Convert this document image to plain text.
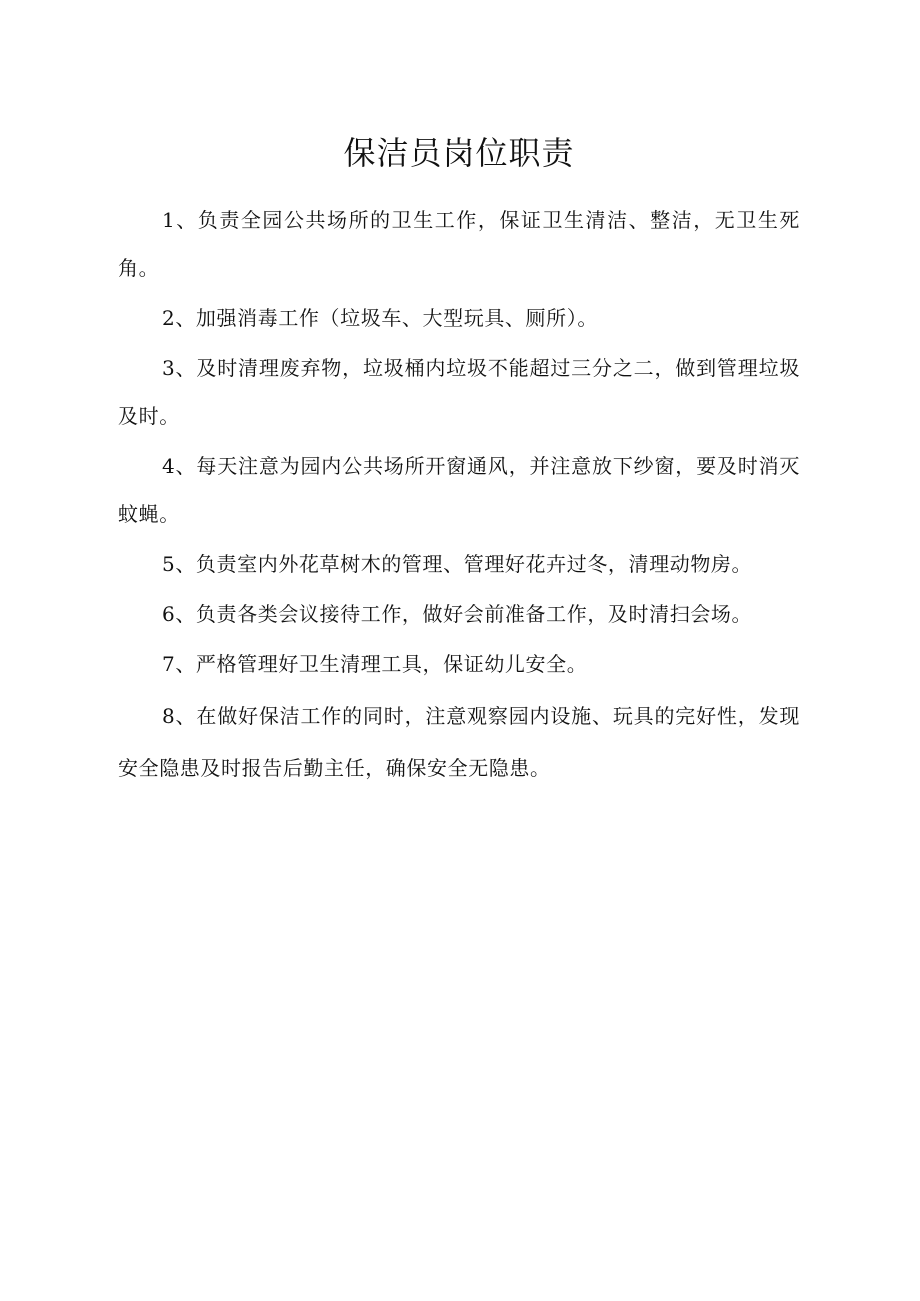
保洁员岗位职责

1、负责全园公共场所的卫生工作，保证卫生清洁、整洁，无卫生死角。

2、加强消毒工作（垃圾车、大型玩具、厕所）。

3、及时清理废弃物，垃圾桶内垃圾不能超过三分之二，做到管理垃圾及时。

4、每天注意为园内公共场所开窗通风，并注意放下纱窗，要及时消灭蚊蝇。

5、负责室内外花草树木的管理、管理好花卉过冬，清理动物房。

6、负责各类会议接待工作，做好会前准备工作，及时清扫会场。

7、严格管理好卫生清理工具，保证幼儿安全。

8、在做好保洁工作的同时，注意观察园内设施、玩具的完好性，发现安全隐患及时报告后勤主任，确保安全无隐患。
